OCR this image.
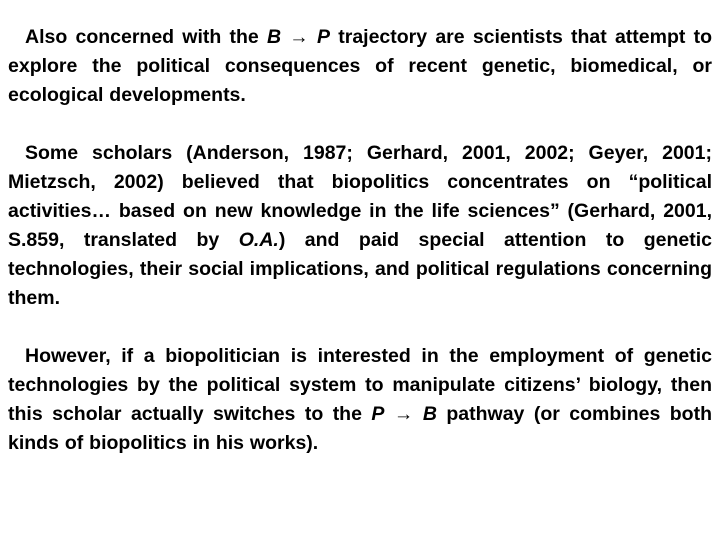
Also concerned with the B → P trajectory are scientists that attempt to explore the political consequences of recent genetic, biomedical, or ecological developments.

Some scholars (Anderson, 1987; Gerhard, 2001, 2002; Geyer, 2001; Mietzsch, 2002) believed that biopolitics concentrates on “political activities… based on new knowledge in the life sciences” (Gerhard, 2001, S.859, translated by O.A.) and paid special attention to genetic technologies, their social implications, and political regulations concerning them.

However, if a biopolitician is interested in the employment of genetic technologies by the political system to manipulate citizens’ biology, then this scholar actually switches to the P → B pathway (or combines both kinds of biopolitics in his works).
